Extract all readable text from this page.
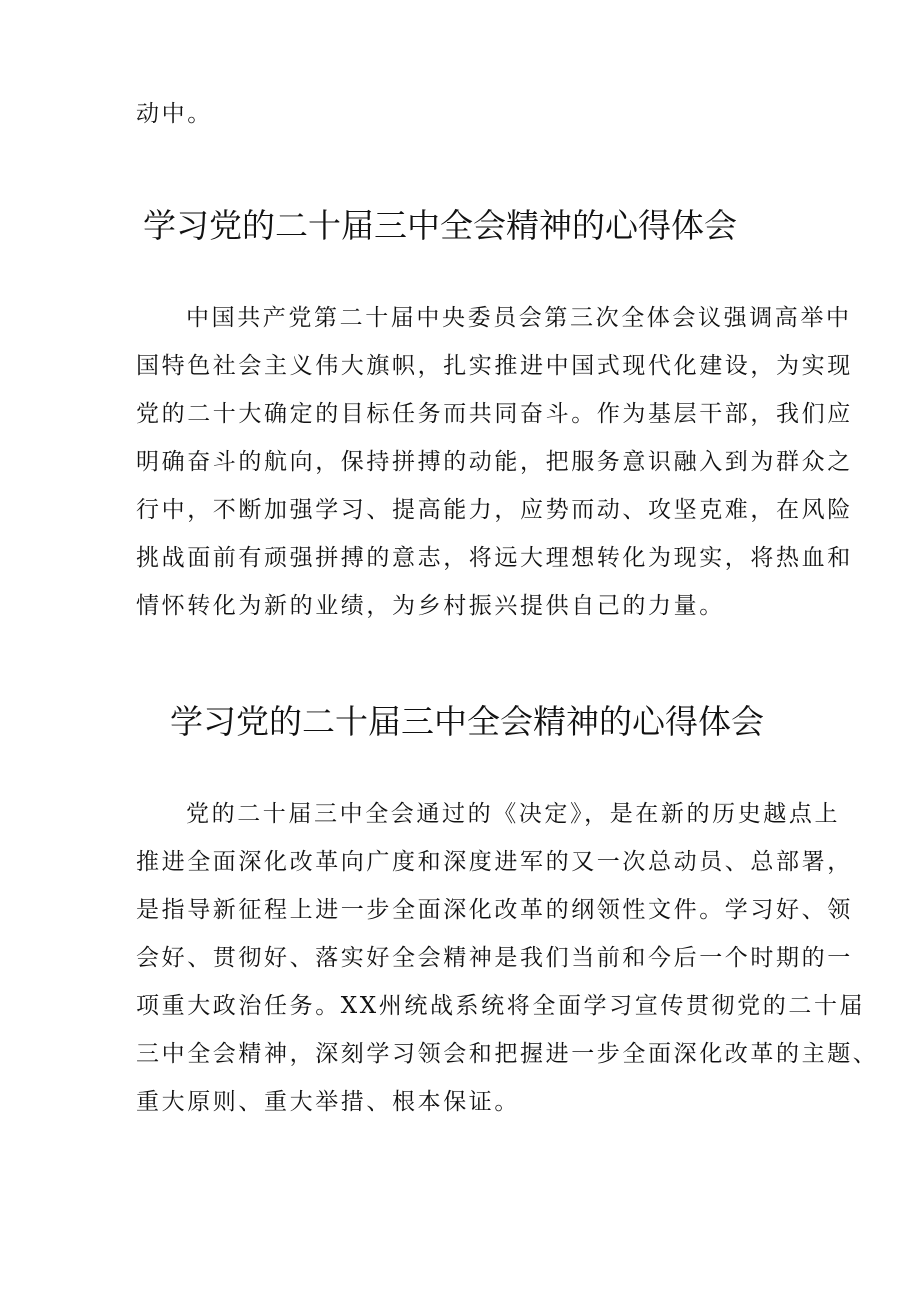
动中。

学习党的二十届三中全会精神的心得体会

中国共产党第二十届中央委员会第三次全体会议强调高举中

国特色社会主义伟大旗帜，扎实推进中国式现代化建设，为实现

党的二十大确定的目标任务而共同奋斗。作为基层干部，我们应

明确奋斗的航向，保持拼搏的动能，把服务意识融入到为群众之

行中，不断加强学习、提高能力，应势而动、攻坚克难，在风险

挑战面前有顽强拼搏的意志，将远大理想转化为现实，将热血和

情怀转化为新的业绩，为乡村振兴提供自己的力量。

学习党的二十届三中全会精神的心得体会

党的二十届三中全会通过的《决定》，是在新的历史越点上

推进全面深化改革向广度和深度进军的又一次总动员、总部署，

是指导新征程上进一步全面深化改革的纲领性文件。学习好、领

会好、贯彻好、落实好全会精神是我们当前和今后一个时期的一

项重大政治任务。XX州统战系统将全面学习宣传贯彻党的二十届

三中全会精神，深刻学习领会和把握进一步全面深化改革的主题、

重大原则、重大举措、根本保证。
